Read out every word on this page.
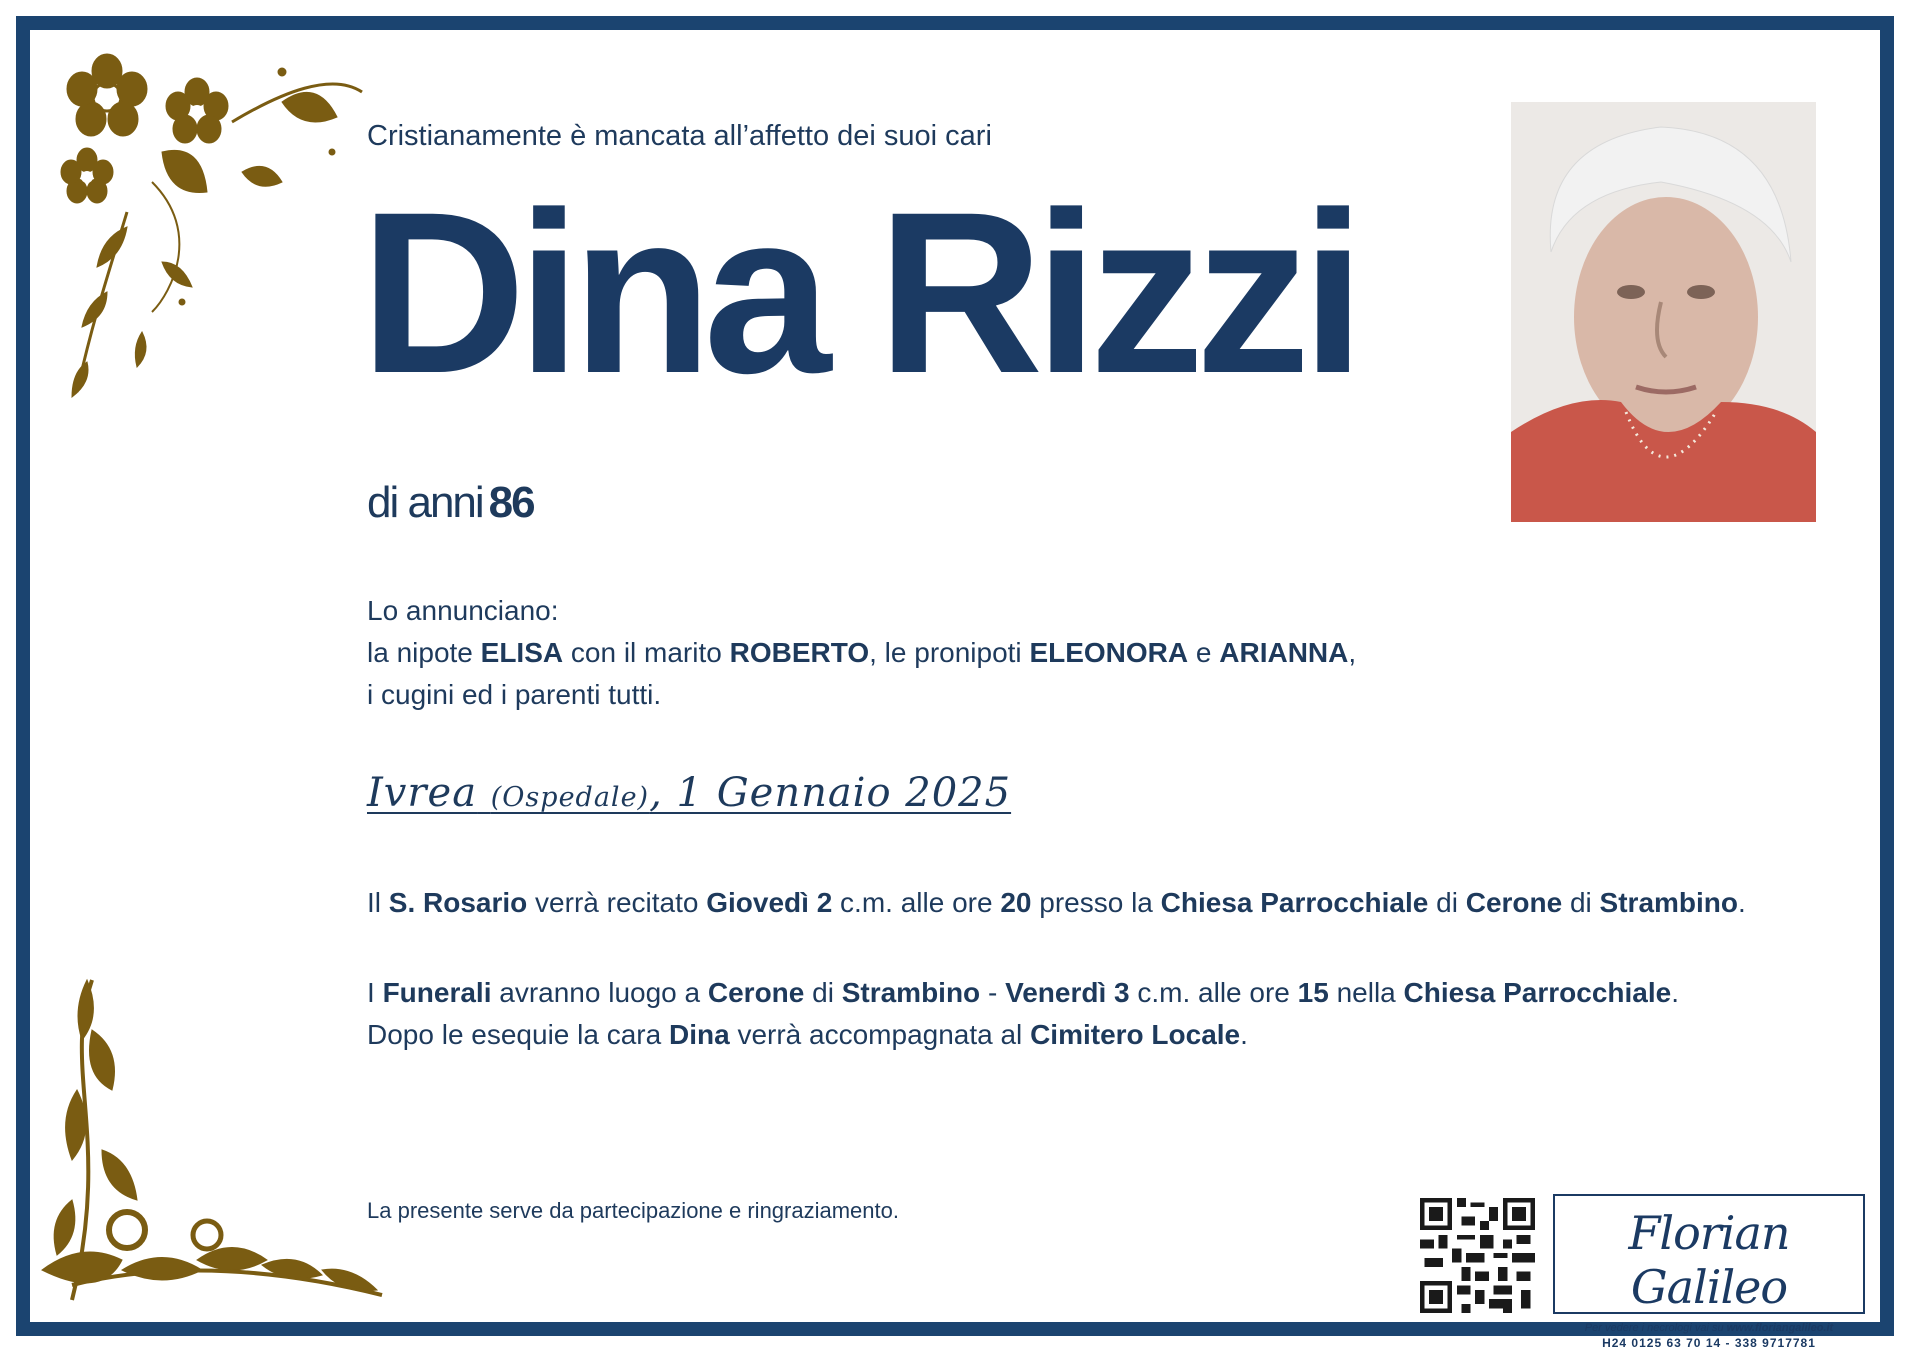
Cristianamente è mancata all’affetto dei suoi cari
Dina Rizzi
di anni 86
Lo annunciano:
la nipote ELISA con il marito ROBERTO, le pronipoti ELEONORA e ARIANNA,
i cugini ed i parenti tutti.
Ivrea (Ospedale), 1 Gennaio 2025
Il S. Rosario verrà recitato Giovedì 2 c.m. alle ore 20 presso la Chiesa Parrocchiale di Cerone di Strambino.
I Funerali avranno luogo a Cerone di Strambino - Venerdì 3 c.m. alle ore 15 nella Chiesa Parrocchiale.
Dopo le esequie la cara Dina verrà accompagnata al Cimitero Locale.
La presente serve da partecipazione e ringraziamento.	Florian Galileo
Per vedere i necrologi vai su www.floriangalileo.it
H24 0125 63 70 14 - 338 9717781
